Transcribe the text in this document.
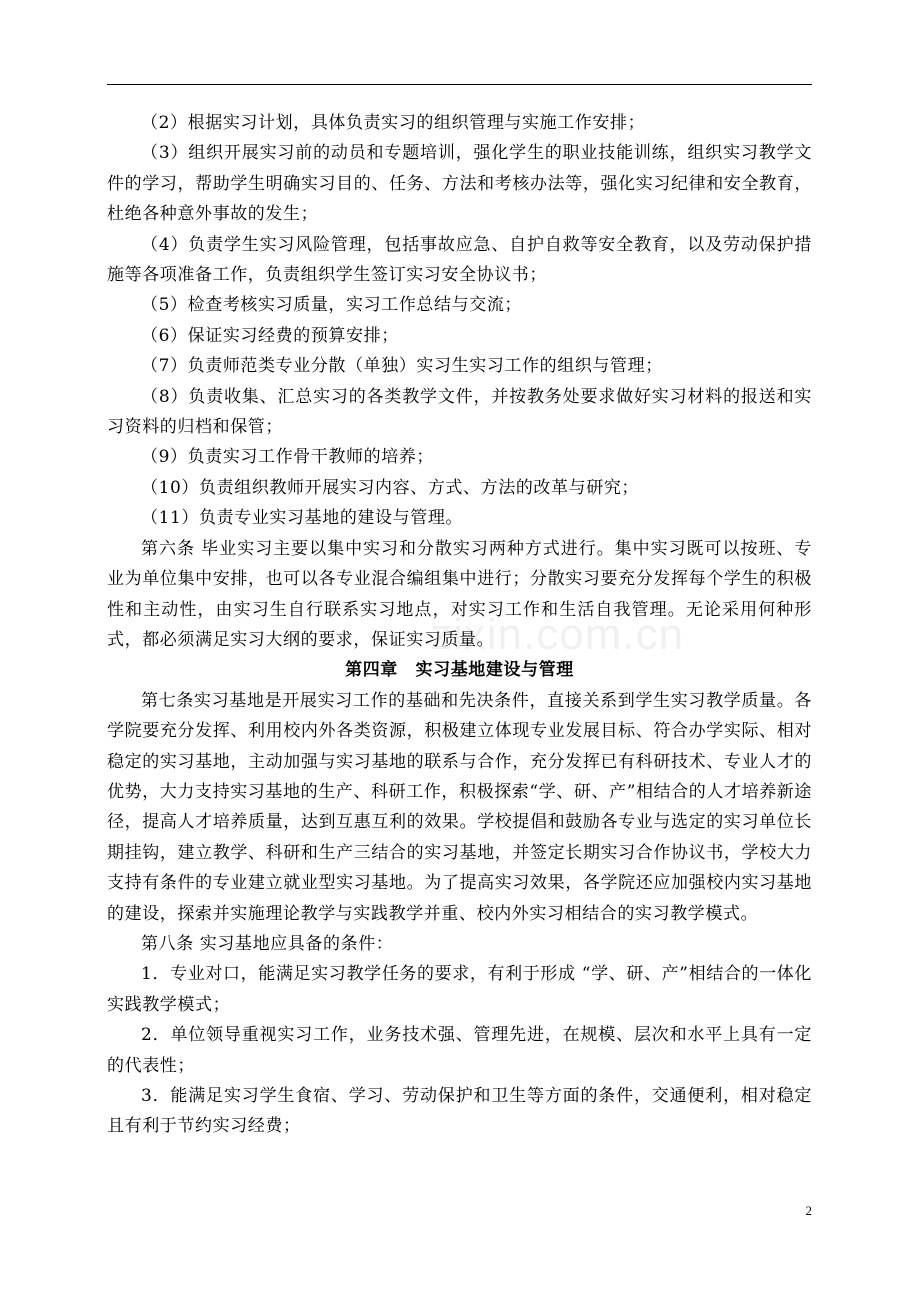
（2）根据实习计划，具体负责实习的组织管理与实施工作安排；

（3）组织开展实习前的动员和专题培训，强化学生的职业技能训练，组织实习教学文件的学习，帮助学生明确实习目的、任务、方法和考核办法等，强化实习纪律和安全教育，杜绝各种意外事故的发生；

（4）负责学生实习风险管理，包括事故应急、自护自救等安全教育，以及劳动保护措施等各项准备工作，负责组织学生签订实习安全协议书；

（5）检查考核实习质量，实习工作总结与交流；

（6）保证实习经费的预算安排；

（7）负责师范类专业分散（单独）实习生实习工作的组织与管理；

（8）负责收集、汇总实习的各类教学文件，并按教务处要求做好实习材料的报送和实习资料的归档和保管；

（9）负责实习工作骨干教师的培养；

（10）负责组织教师开展实习内容、方式、方法的改革与研究；

（11）负责专业实习基地的建设与管理。

第六条 毕业实习主要以集中实习和分散实习两种方式进行。集中实习既可以按班、专业为单位集中安排，也可以各专业混合编组集中进行；分散实习要充分发挥每个学生的积极性和主动性，由实习生自行联系实习地点，对实习工作和生活自我管理。无论采用何种形式，都必须满足实习大纲的要求，保证实习质量。

第四章　实习基地建设与管理

第七条实习基地是开展实习工作的基础和先决条件，直接关系到学生实习教学质量。各学院要充分发挥、利用校内外各类资源，积极建立体现专业发展目标、符合办学实际、相对稳定的实习基地，主动加强与实习基地的联系与合作，充分发挥已有科研技术、专业人才的优势，大力支持实习基地的生产、科研工作，积极探索“学、研、产”相结合的人才培养新途径，提高人才培养质量，达到互惠互利的效果。学校提倡和鼓励各专业与选定的实习单位长期挂钩，建立教学、科研和生产三结合的实习基地，并签定长期实习合作协议书，学校大力支持有条件的专业建立就业型实习基地。为了提高实习效果，各学院还应加强校内实习基地的建设，探索并实施理论教学与实践教学并重、校内外实习相结合的实习教学模式。

第八条 实习基地应具备的条件：

1．专业对口，能满足实习教学任务的要求，有利于形成 “学、研、产”相结合的一体化实践教学模式；

2．单位领导重视实习工作，业务技术强、管理先进，在规模、层次和水平上具有一定的代表性；

3．能满足实习学生食宿、学习、劳动保护和卫生等方面的条件，交通便利，相对稳定且有利于节约实习经费；

zixin.com.cn
2
